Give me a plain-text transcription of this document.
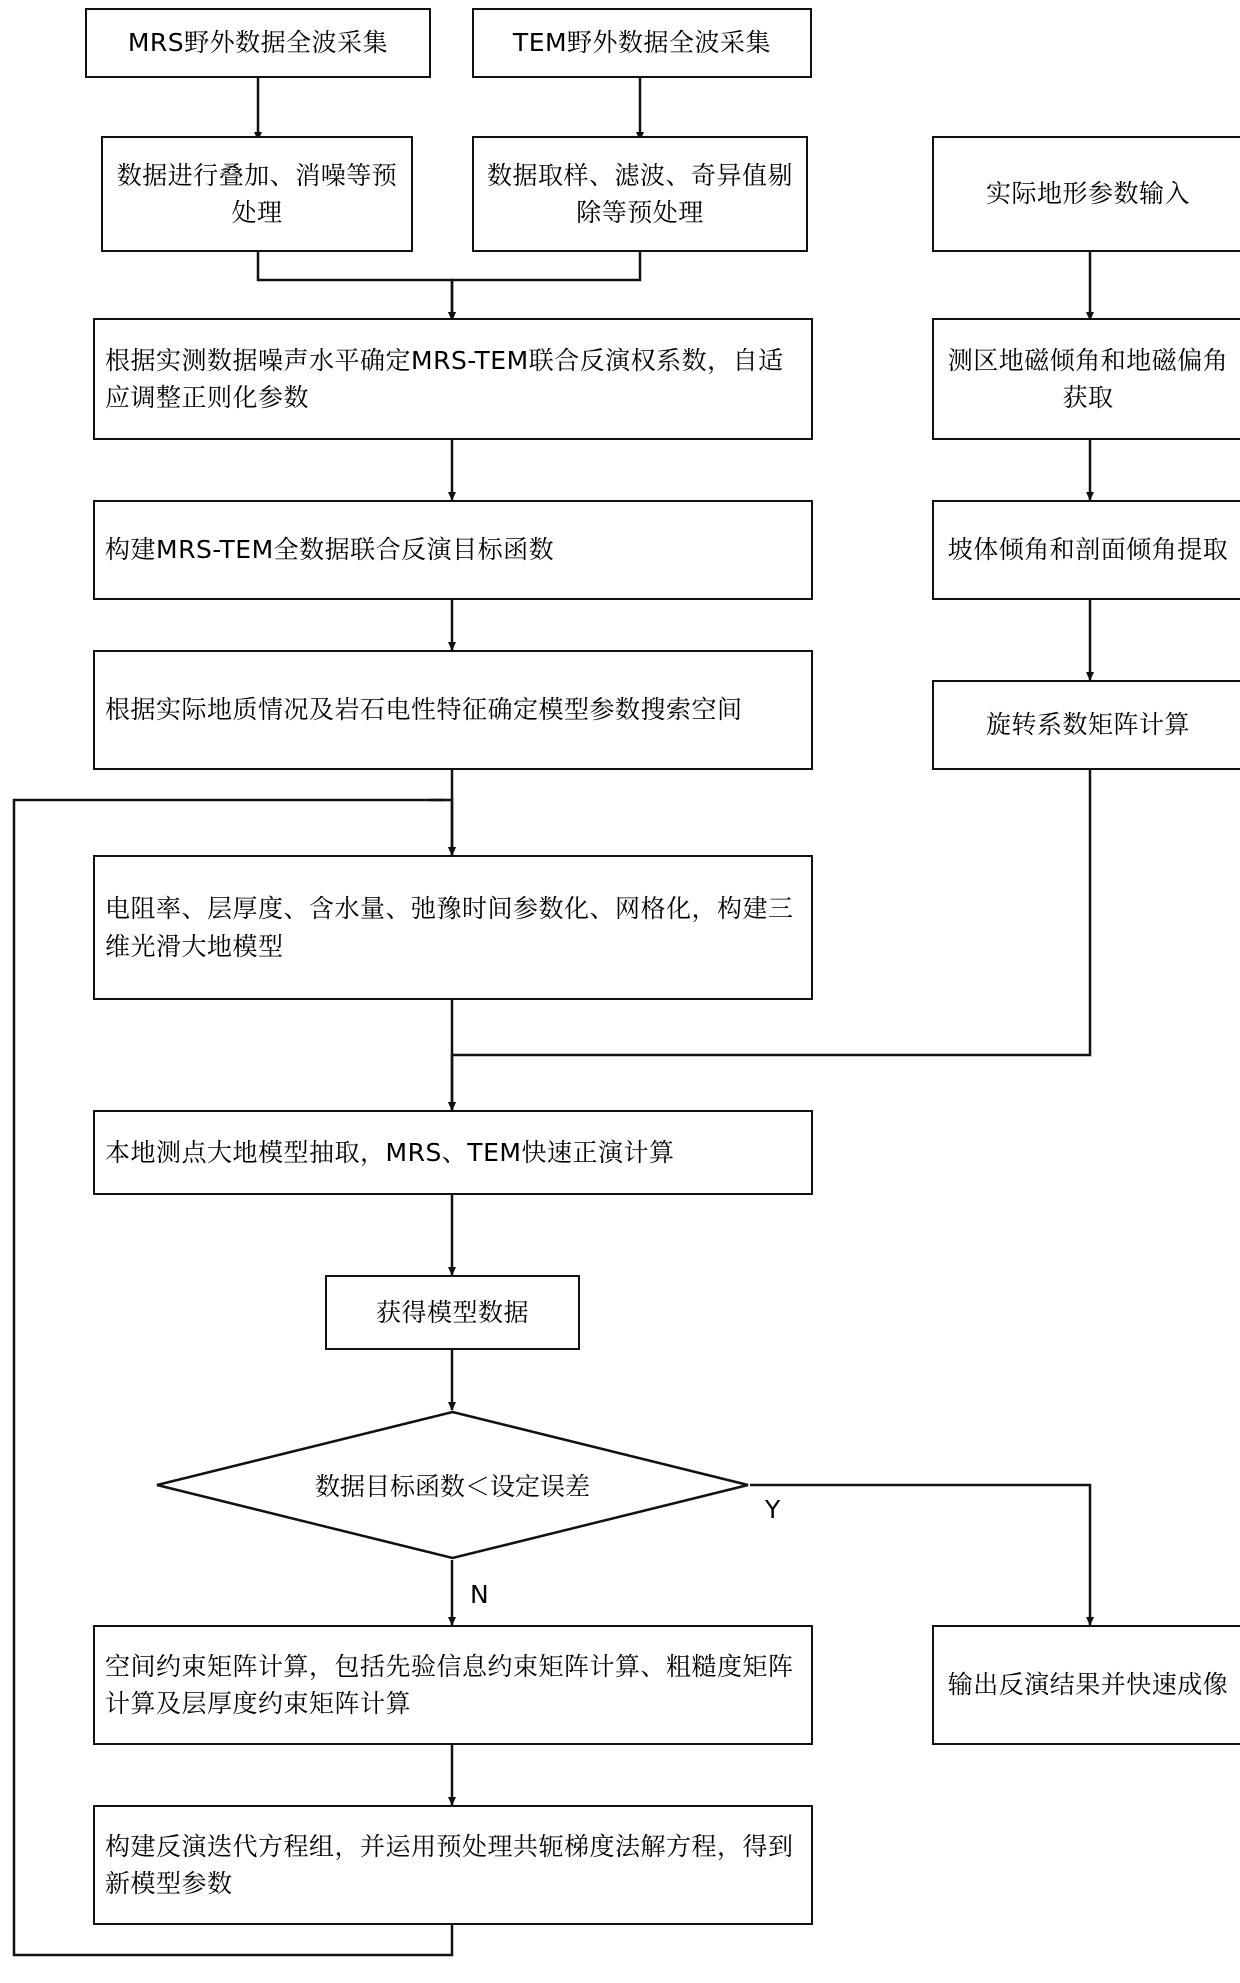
MRS野外数据全波采集	TEM野外数据全波采集
数据进行叠加、消噪等预处理
数据取样、滤波、奇异值剔除等预处理
实际地形参数输入
根据实测数据噪声水平确定MRS-TEM联合反演权系数，自适应调整正则化参数
测区地磁倾角和地磁偏角获取
构建MRS-TEM全数据联合反演目标函数	坡体倾角和剖面倾角提取
根据实际地质情况及岩石电性特征确定模型参数搜索空间
旋转系数矩阵计算
电阻率、层厚度、含水量、弛豫时间参数化、网格化，构建三维光滑大地模型
本地测点大地模型抽取，MRS、TEM快速正演计算
获得模型数据
数据目标函数＜设定误差
Y
N
空间约束矩阵计算，包括先验信息约束矩阵计算、粗糙度矩阵计算及层厚度约束矩阵计算
输出反演结果并快速成像
构建反演迭代方程组，并运用预处理共轭梯度法解方程，得到新模型参数
